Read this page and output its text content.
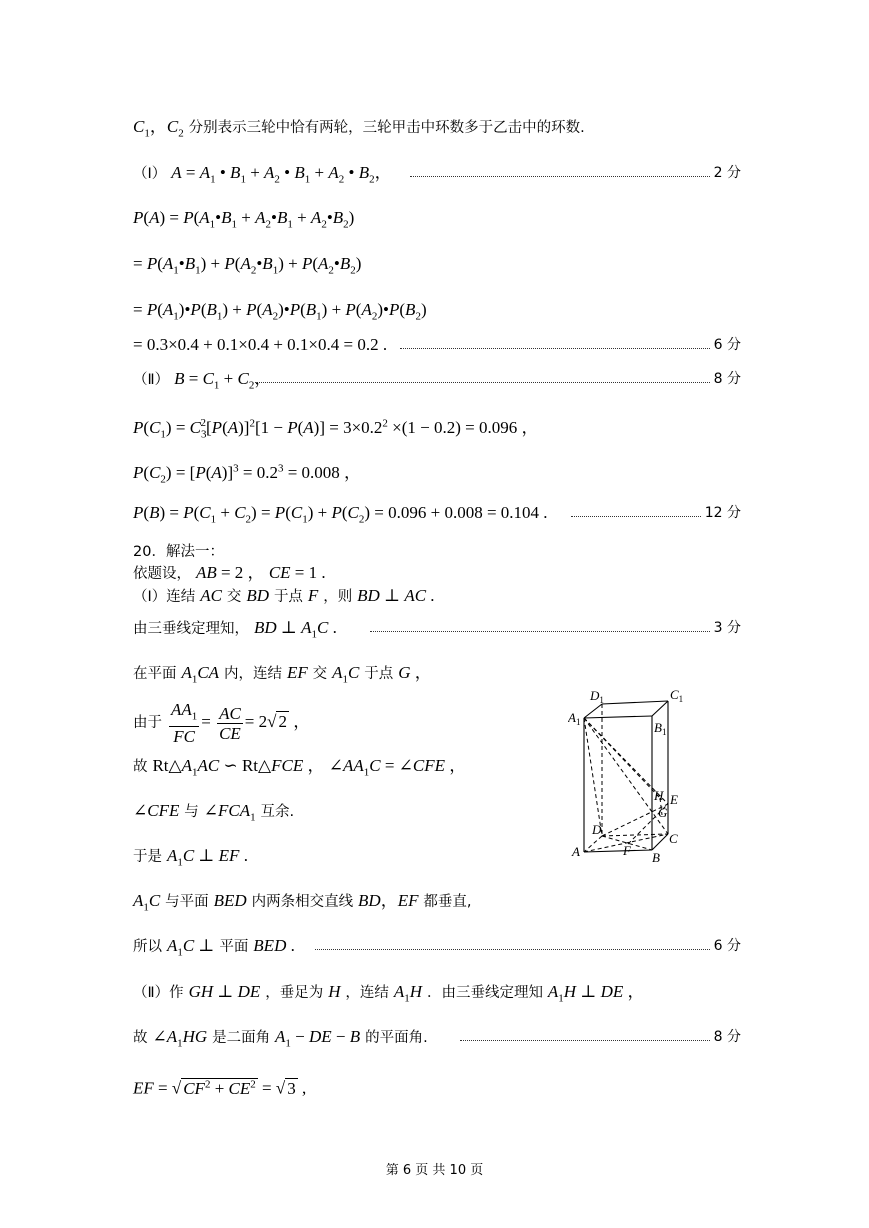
$C_1$，$C_2$ 分别表示三轮中恰有两轮，三轮甲击中环数多于乙击中的环数.
（Ⅰ） $A = A_1$ • $B_1 + A_2$ • $B_1 + A_2$ • $B_2$，	2 分
$P(A) = P(A_1•B_1$ + $A_2•B_1$ + $A_2•B_2$)
= $P(A_1•B_1)$ + $P(A_2•B_1)$ + $P(A_2•B_2)$
= $P(A_1)•P(B_1)$ + $P(A_2)•P(B_1)$ + $P(A_2)•P(B_2)$
= 0.3×0.4 + 0.1×0.4 + 0.1×0.4 = 0.2 .	6 分
（Ⅱ） $B = C_1 + C_2$，	8 分
$P(C_1) = C_3^2[P(A)]^2[1 - P(A)] = 3\times 0.2^2 \times(1 - 0.2) = 0.096$ ，
$P(C_2) = [P(A)]^3 = 0.2^3 = 0.008$ ，
$P(B) = P(C_1 + C_2) = P(C_1) + P(C_2) = 0.096 + 0.008 = 0.104$ .	12 分
20．解法一：
依题设， AB = 2 ， CE = 1 .
（Ⅰ）连结 AC 交 BD 于点 F ，则 BD ⊥ AC .
由三垂线定理知， BD ⊥ $A_1C$ .	3 分
在平面 $A_1CA$ 内，连结 EF 交 $A_1C$ 于点 G ，
由于 $\frac{AA_1}{FC} = \frac{AC}{CE} = 2√$ 2 ，
故 $Rt\triangle A_1AC$ ∽ Rt△FCE ， $\angle AA_1C$ = ∠CFE ，
∠CFE 与 $\angle FCA_1$ 互余.
于是 $A_1C$ ⊥ EF .
$A_1C$ 与平面 BED 内两条相交直线 BD，EF 都垂直,
所以 $A_1C$ ⊥ 平面 BED .	6 分
（Ⅱ）作 GH ⊥ DE ，垂足为 H ，连结 $A_1H$ ．由三垂线定理知 $A_1H$ ⊥ DE ，
故 $\angle A_1HG$ 是二面角 $A_1$ − DE − B 的平面角.	8 分
EF = √ $CF^2 + CE^2$ = √ 3 ,
$D_1$	$C_1$
$A_1$	$B_1$
H E
G
D
C
A	F B
第 6 页 共 10 页
